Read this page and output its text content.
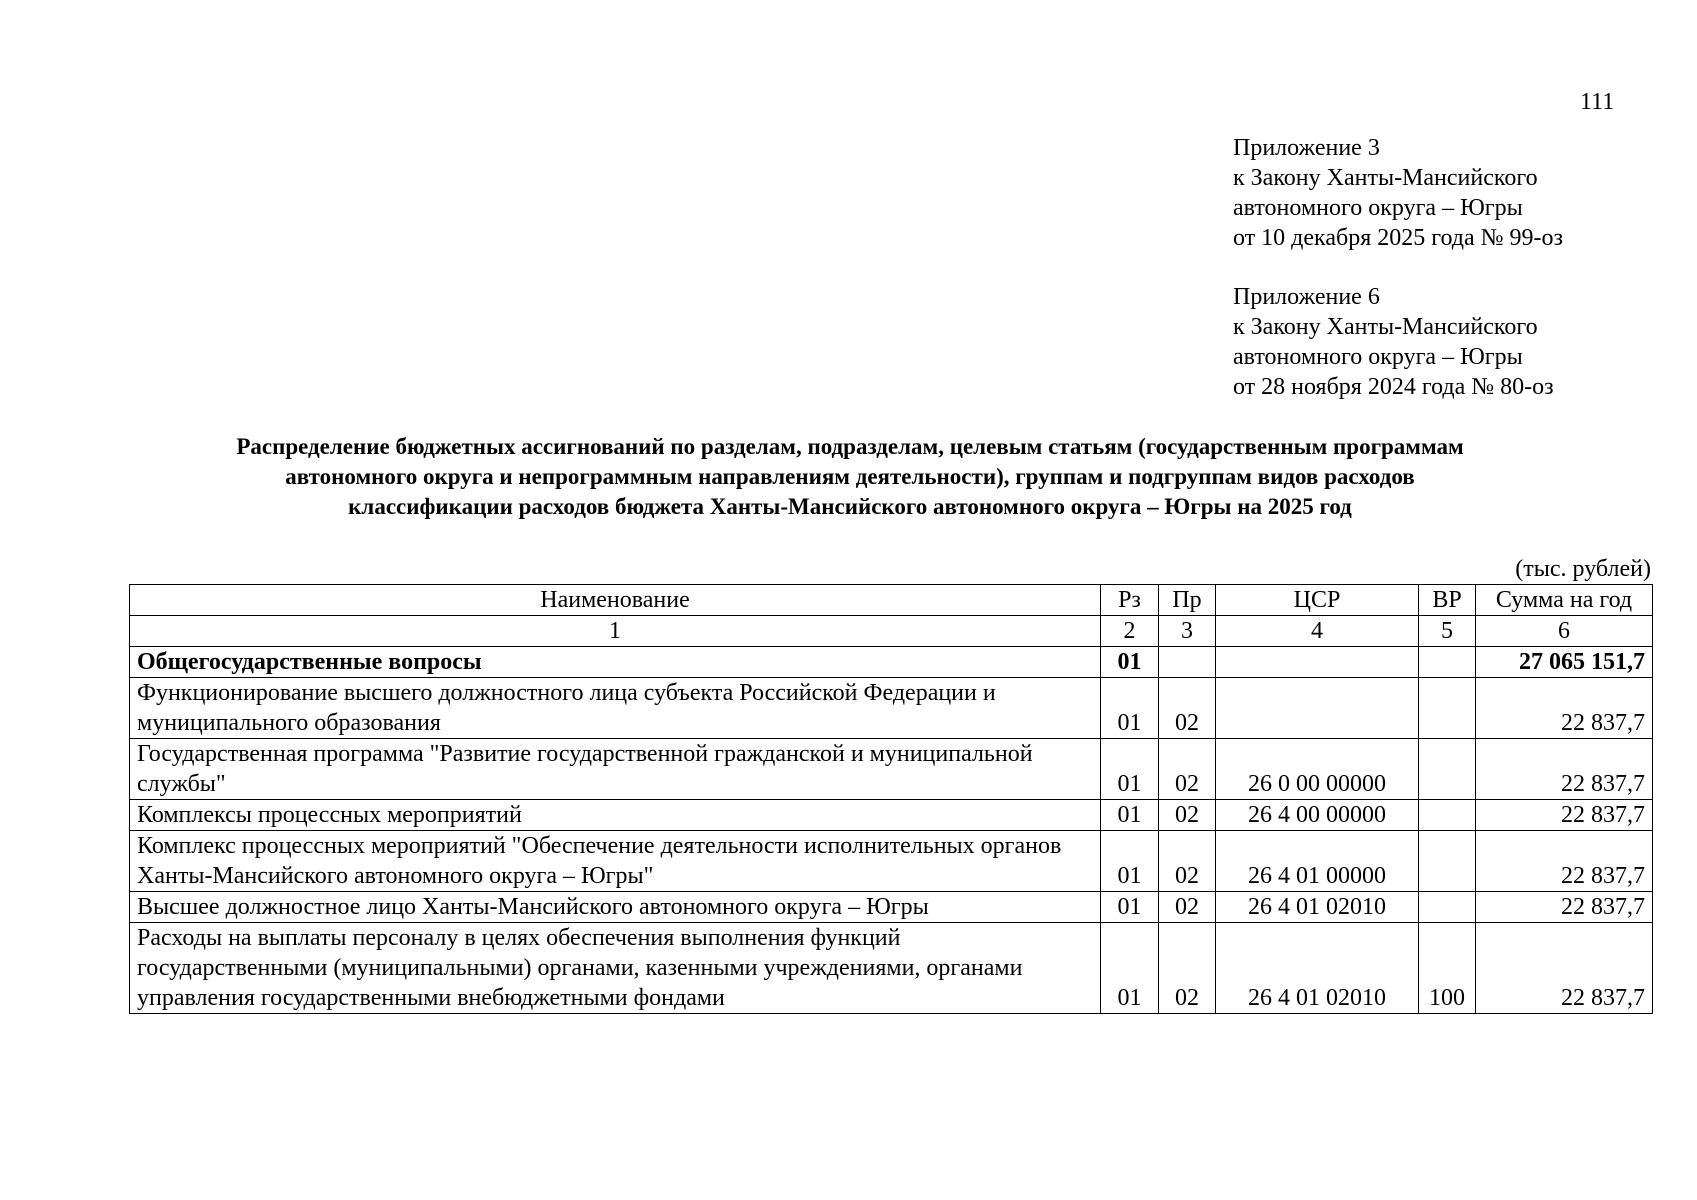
111
Приложение 3
к Закону Ханты-Мансийского
автономного округа – Югры
от 10 декабря 2025 года № 99-оз
Приложение 6
к Закону Ханты-Мансийского
автономного округа – Югры
от 28 ноября 2024 года № 80-оз
Распределение бюджетных ассигнований по разделам, подразделам, целевым статьям (государственным программам
автономного округа и непрограммным направлениям деятельности), группам и подгруппам видов расходов
классификации расходов бюджета Ханты-Мансийского автономного округа – Югры на 2025 год
(тыс. рублей)
Наименование	Рз	Пр	ЦСР	ВР	Сумма на год
1	2	3	4	5	6
Общегосударственные вопросы	01				27 065 151,7
Функционирование высшего должностного лица субъекта Российской Федерации и муниципального образования	01	02			22 837,7
Государственная программа "Развитие государственной гражданской и муниципальной службы"	01	02	26 0 00 00000		22 837,7
Комплексы процессных мероприятий	01	02	26 4 00 00000		22 837,7
Комплекс процессных мероприятий "Обеспечение деятельности исполнительных органов Ханты-Мансийского автономного округа – Югры"	01	02	26 4 01 00000		22 837,7
Высшее должностное лицо Ханты-Мансийского автономного округа – Югры	01	02	26 4 01 02010		22 837,7
Расходы на выплаты персоналу в целях обеспечения выполнения функций государственными (муниципальными) органами, казенными учреждениями, органами управления государственными внебюджетными фондами	01	02	26 4 01 02010	100	22 837,7
